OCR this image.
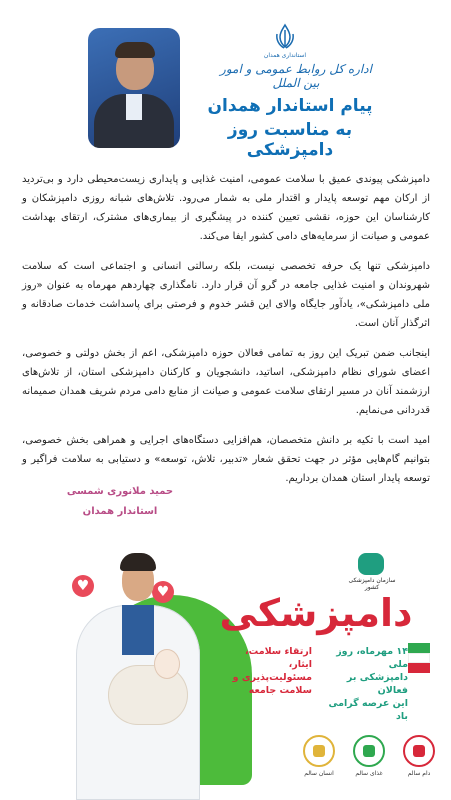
استانداری همدان
اداره کل روابط عمومی و امور بین الملل
پیام استاندار همدان
به مناسبت روز دامپزشکی

دامپزشکی پیوندی عمیق با سلامت عمومی، امنیت غذایی و پایداری زیست‌محیطی دارد و بی‌تردید از ارکان مهم توسعه پایدار و اقتدار ملی به شمار می‌رود. تلاش‌های شبانه روزی دامپزشکان و کارشناسان این حوزه، نقشی تعیین کننده در پیشگیری از بیماری‌های مشترک، ارتقای بهداشت عمومی و صیانت از سرمایه‌های دامی کشور ایفا می‌کند.

دامپزشکی تنها یک حرفه تخصصی نیست، بلکه رسالتی انسانی و اجتماعی است که سلامت شهروندان و امنیت غذایی جامعه در گرو آن قرار دارد. نامگذاری چهاردهم مهرماه به عنوان «روز ملی دامپزشکی»، یادآور جایگاه والای این قشر خدوم و فرصتی برای پاسداشت خدمات صادقانه و اثرگذار آنان است.

اینجانب ضمن تبریک این روز به تمامی فعالان حوزه دامپزشکی، اعم از بخش دولتی و خصوصی، اعضای شورای نظام دامپزشکی، اساتید، دانشجویان و کارکنان دامپزشکی استان، از تلاش‌های ارزشمند آنان در مسیر ارتقای سلامت عمومی و صیانت از منابع دامی مردم شریف همدان صمیمانه قدردانی می‌نمایم.

امید است با تکیه بر دانش متخصصان، هم‌افزایی دستگاه‌های اجرایی و همراهی بخش خصوصی، بتوانیم گام‌هایی مؤثر در جهت تحقق شعار «تدبیر، تلاش، توسعه» و دستیابی به سلامت فراگیر و توسعه پایدار استان همدان برداریم.

حمید ملانوری شمسی
استاندار همدان
♥
♥
♥
سازمان دامپزشکی کشور
دامپزشکی
۱۴ مهرماه، روز ملی
دامپزشکی بر فعالان
این عرصه گرامی باد
ارتقاء سلامت، ایثار،
مسئولیت‌پذیری و
سلامت جامعه
دام سالم
غذای سالم
انسان سالم
